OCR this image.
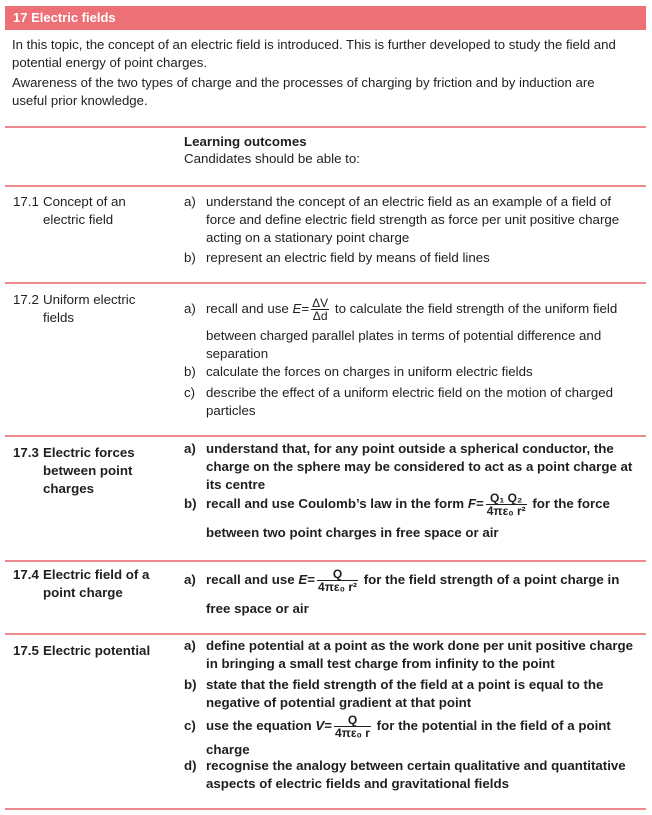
17 Electric fields
In this topic, the concept of an electric field is introduced. This is further developed to study the field and
potential energy of point charges.
Awareness of the two types of charge and the processes of charging by friction and by induction are
useful prior knowledge.
Learning outcomes
Candidates should be able to:
17.1 Concept of an
electric field
a) understand the concept of an electric field as an example of a field of
force and define electric field strength as force per unit positive charge
acting on a stationary point charge
b) represent an electric field by means of field lines
17.2 Uniform electric
fields
a) recall and use $E= \frac{\Delta V}{\Delta d}$ to calculate the field strength of the uniform field
between charged parallel plates in terms of potential difference and
separation
b) calculate the forces on charges in uniform electric fields
c) describe the effect of a uniform electric field on the motion of charged
particles
17.3 Electric forces
between point
charges
a) understand that, for any point outside a spherical conductor, the
charge on the sphere may be considered to act as a point charge at
its centre
b) recall and use Coulomb’s law in the form $F= \frac{\text{Q₁ Q₂}}{\text{4πε₀ r²}}$ for the force
between two point charges in free space or air
17.4 Electric field of a
point charge
a) recall and use $E= \frac{Q}{\text{4πε₀ r²}}$ for the field strength of a point charge in
free space or air
17.5 Electric potential	a) define potential at a point as the work done per unit positive charge
in bringing a small test charge from infinity to the point
b) state that the field strength of the field at a point is equal to the
negative of potential gradient at that point
c) use the equation $V= \frac{Q}{\text{4πε₀ r}}$ for the potential in the field of a point
charge
d) recognise the analogy between certain qualitative and quantitative
aspects of electric fields and gravitational fields
